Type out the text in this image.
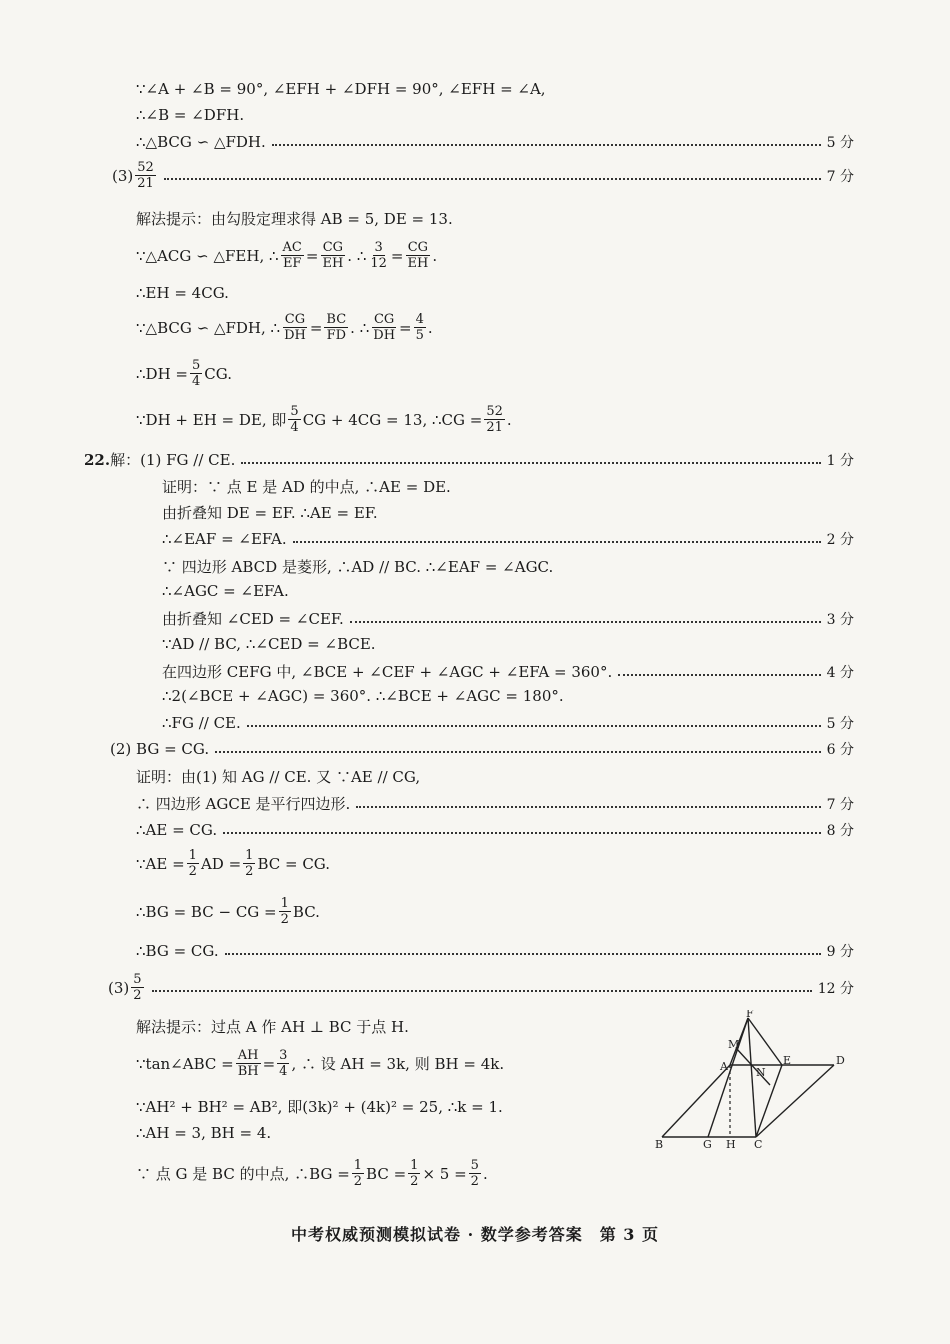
∵∠A + ∠B = 90°, ∠EFH + ∠DFH = 90°, ∠EFH = ∠A,
∴∠B = ∠DFH.
∴△BCG ∽ △FDH.	5 分
$(3) \frac{52}{21}$	7 分
解法提示：由勾股定理求得 AB = 5, DE = 13.
∵△ACG ∽ △FEH, ∴ $\frac{AC}{EF} = \frac{CG}{EH}$ . ∴ $\frac{3}{12} = \frac{CG}{EH}$ .
∴EH = 4CG.
∵△BCG ∽ △FDH, ∴ $\frac{CG}{DH} = \frac{BC}{FD}$ . ∴ $\frac{CG}{DH} = \frac{4}{5}$ .
∴DH = $\frac{5}{4}$ CG.
∵DH + EH = DE, 即 $\frac{5}{4}$ CG + 4CG = 13, ∴CG = $\frac{52}{21}$ .
22. 解：(1) FG // CE.	1 分
证明：∵ 点 E 是 AD 的中点, ∴AE = DE.
由折叠知 DE = EF. ∴AE = EF.
∴∠EAF = ∠EFA.	2 分
∵ 四边形 ABCD 是菱形, ∴AD // BC. ∴∠EAF = ∠AGC.
∴∠AGC = ∠EFA.
由折叠知 ∠CED = ∠CEF.	3 分
∵AD // BC, ∴∠CED = ∠BCE.
在四边形 CEFG 中, ∠BCE + ∠CEF + ∠AGC + ∠EFA = 360°.	4 分
∴2(∠BCE + ∠AGC) = 360°. ∴∠BCE + ∠AGC = 180°.
∴FG // CE.	5 分
(2) BG = CG.	6 分
证明：由(1) 知 AG // CE. 又 ∵AE // CG,
∴ 四边形 AGCE 是平行四边形.	7 分
∴AE = CG.	8 分
∵AE = $\frac{1}{2}$ AD = $\frac{1}{2}$ BC = CG.
∴BG = BC − CG = $\frac{1}{2}$ BC.
∴BG = CG.	9 分
$(3) \frac{5}{2}$	12 分
解法提示：过点 A 作 AH ⊥ BC 于点 H.
∵tan∠ABC = $\frac{AH}{BH} = \frac{3}{4}$ , ∴ 设 AH = 3k, 则 BH = 4k.
∵AH² + BH² = AB², 即(3k)² + (4k)² = 25, ∴k = 1.
∴AH = 3, BH = 4.
∵ 点 G 是 BC 的中点, ∴BG = $\frac{1}{2}$ BC = $\frac{1}{2} \times 5 = \frac{5}{2}$ .
F
M
A	E	D
N
B	G H C
中考权威预测模拟试卷 · 数学参考答案　第 3 页
